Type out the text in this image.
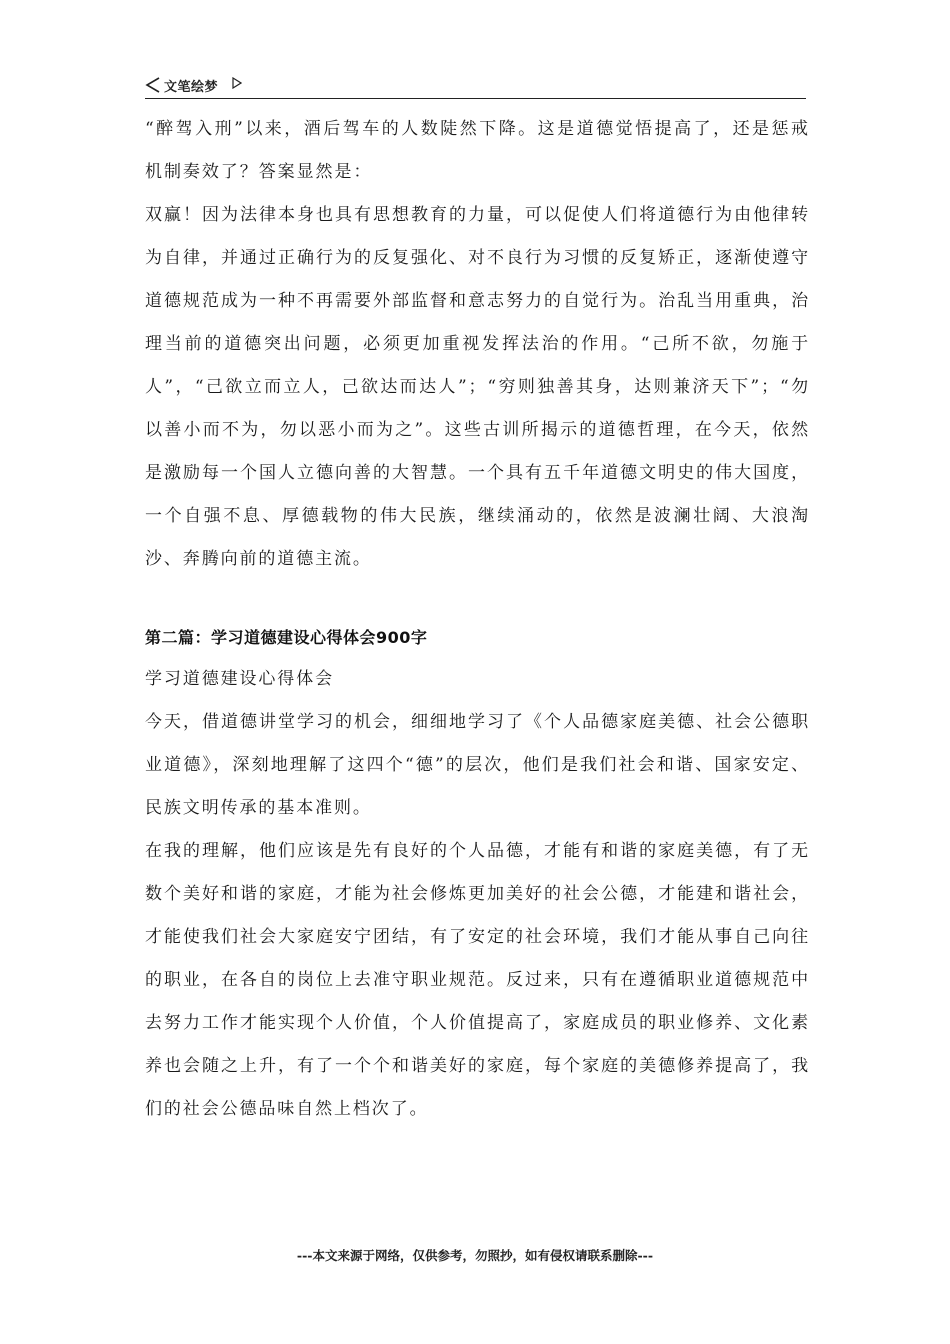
文笔绘梦

“醉驾入刑”以来，酒后驾车的人数陡然下降。这是道德觉悟提高了，还是惩戒机制奏效了？答案显然是：

双赢！因为法律本身也具有思想教育的力量，可以促使人们将道德行为由他律转为自律，并通过正确行为的反复强化、对不良行为习惯的反复矫正，逐渐使遵守道德规范成为一种不再需要外部监督和意志努力的自觉行为。治乱当用重典，治理当前的道德突出问题，必须更加重视发挥法治的作用。“己所不欲，勿施于人”，“己欲立而立人，己欲达而达人”；“穷则独善其身，达则兼济天下”；“勿以善小而不为，勿以恶小而为之”。这些古训所揭示的道德哲理，在今天，依然是激励每一个国人立德向善的大智慧。一个具有五千年道德文明史的伟大国度，一个自强不息、厚德载物的伟大民族，继续涌动的，依然是波澜壮阔、大浪淘沙、奔腾向前的道德主流。

第二篇：学习道德建设心得体会900字

学习道德建设心得体会

今天，借道德讲堂学习的机会，细细地学习了《个人品德家庭美德、社会公德职业道德》，深刻地理解了这四个“德”的层次，他们是我们社会和谐、国家安定、民族文明传承的基本准则。

在我的理解，他们应该是先有良好的个人品德，才能有和谐的家庭美德，有了无数个美好和谐的家庭，才能为社会修炼更加美好的社会公德，才能建和谐社会，才能使我们社会大家庭安宁团结，有了安定的社会环境，我们才能从事自己向往的职业，在各自的岗位上去准守职业规范。反过来，只有在遵循职业道德规范中去努力工作才能实现个人价值，个人价值提高了，家庭成员的职业修养、文化素养也会随之上升，有了一个个和谐美好的家庭，每个家庭的美德修养提高了，我们的社会公德品味自然上档次了。

---本文来源于网络，仅供参考，勿照抄，如有侵权请联系删除---
